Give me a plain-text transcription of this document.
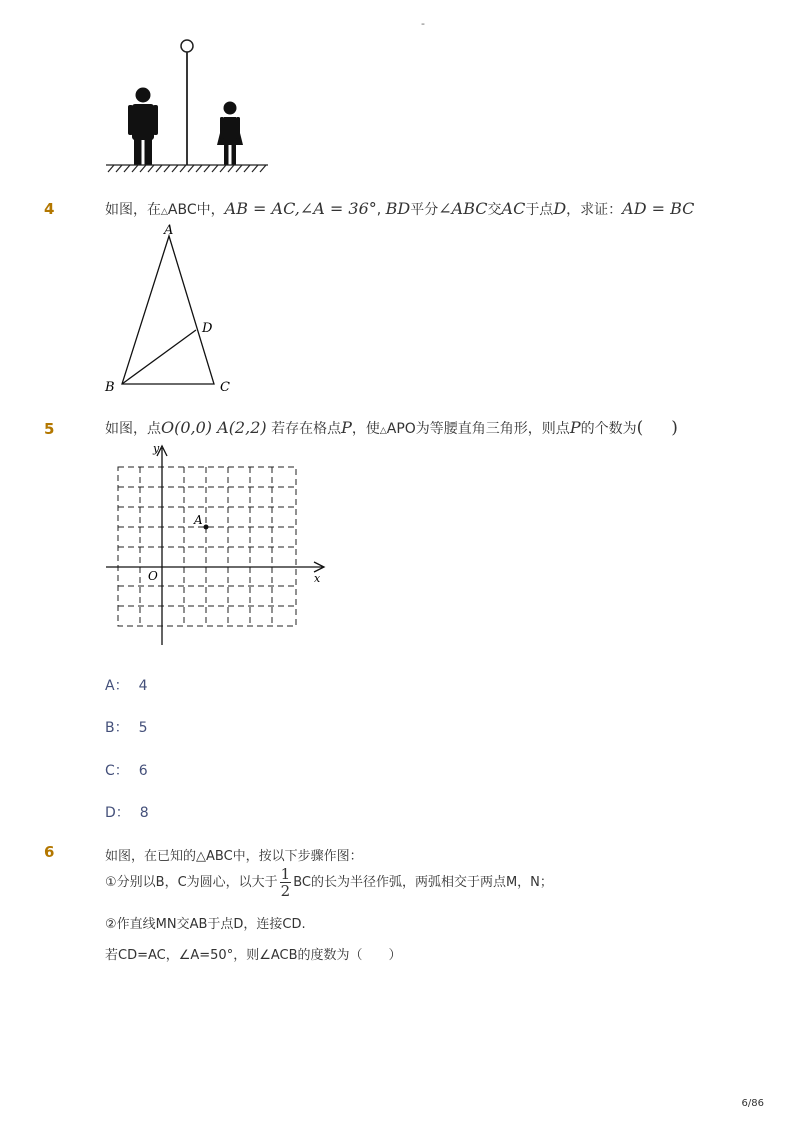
-
4	如图，在△ABC中，AB = AC,∠A = 36°, BD平分∠ABC交AC于点D，求证：AD = BC
A
B	C
D
5	如图，点O(0,0) A(2,2) 若存在格点P，使△APO为等腰直角三角形，则点P的个数为( )
y
x
O
A
A： 4
B： 5
C： 6
D： 8
6	如图，在已知的△ABC中，按以下步骤作图：
①分别以B，C为圆心，以大于 $\frac{1}{2}$ BC的长为半径作弧，两弧相交于两点M，N；
②作直线MN交AB于点D，连接CD.
若CD=AC，∠A=50°，则∠ACB的度数为（　　）
6/86
